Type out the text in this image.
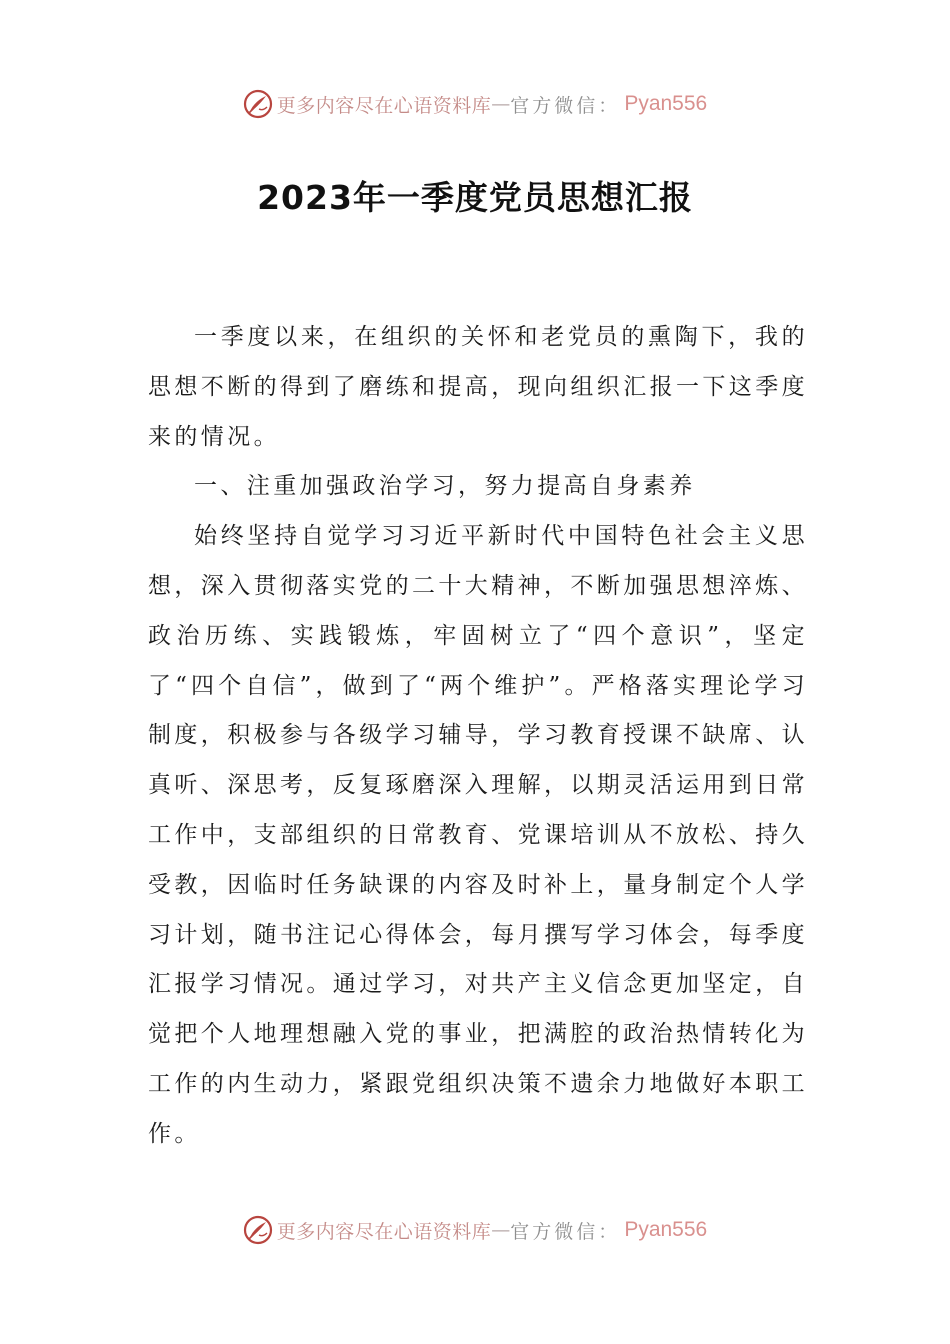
更多内容尽在心语资料库 — 官方微信： Pyan556
2023年一季度党员思想汇报

一季度以来，在组织的关怀和老党员的熏陶下，我的思想不断的得到了磨练和提高，现向组织汇报一下这季度来的情况。

一、注重加强政治学习，努力提高自身素养

始终坚持自觉学习习近平新时代中国特色社会主义思想，深入贯彻落实党的二十大精神，不断加强思想淬炼、政治历练、实践锻炼，牢固树立了“四个意识”，坚定了“四个自信”，做到了“两个维护”。严格落实理论学习制度，积极参与各级学习辅导，学习教育授课不缺席、认真听、深思考，反复琢磨深入理解，以期灵活运用到日常工作中，支部组织的日常教育、党课培训从不放松、持久受教，因临时任务缺课的内容及时补上，量身制定个人学习计划，随书注记心得体会，每月撰写学习体会，每季度汇报学习情况。通过学习，对共产主义信念更加坚定，自觉把个人地理想融入党的事业，把满腔的政治热情转化为工作的内生动力，紧跟党组织决策不遗余力地做好本职工作。

更多内容尽在心语资料库 — 官方微信： Pyan556
